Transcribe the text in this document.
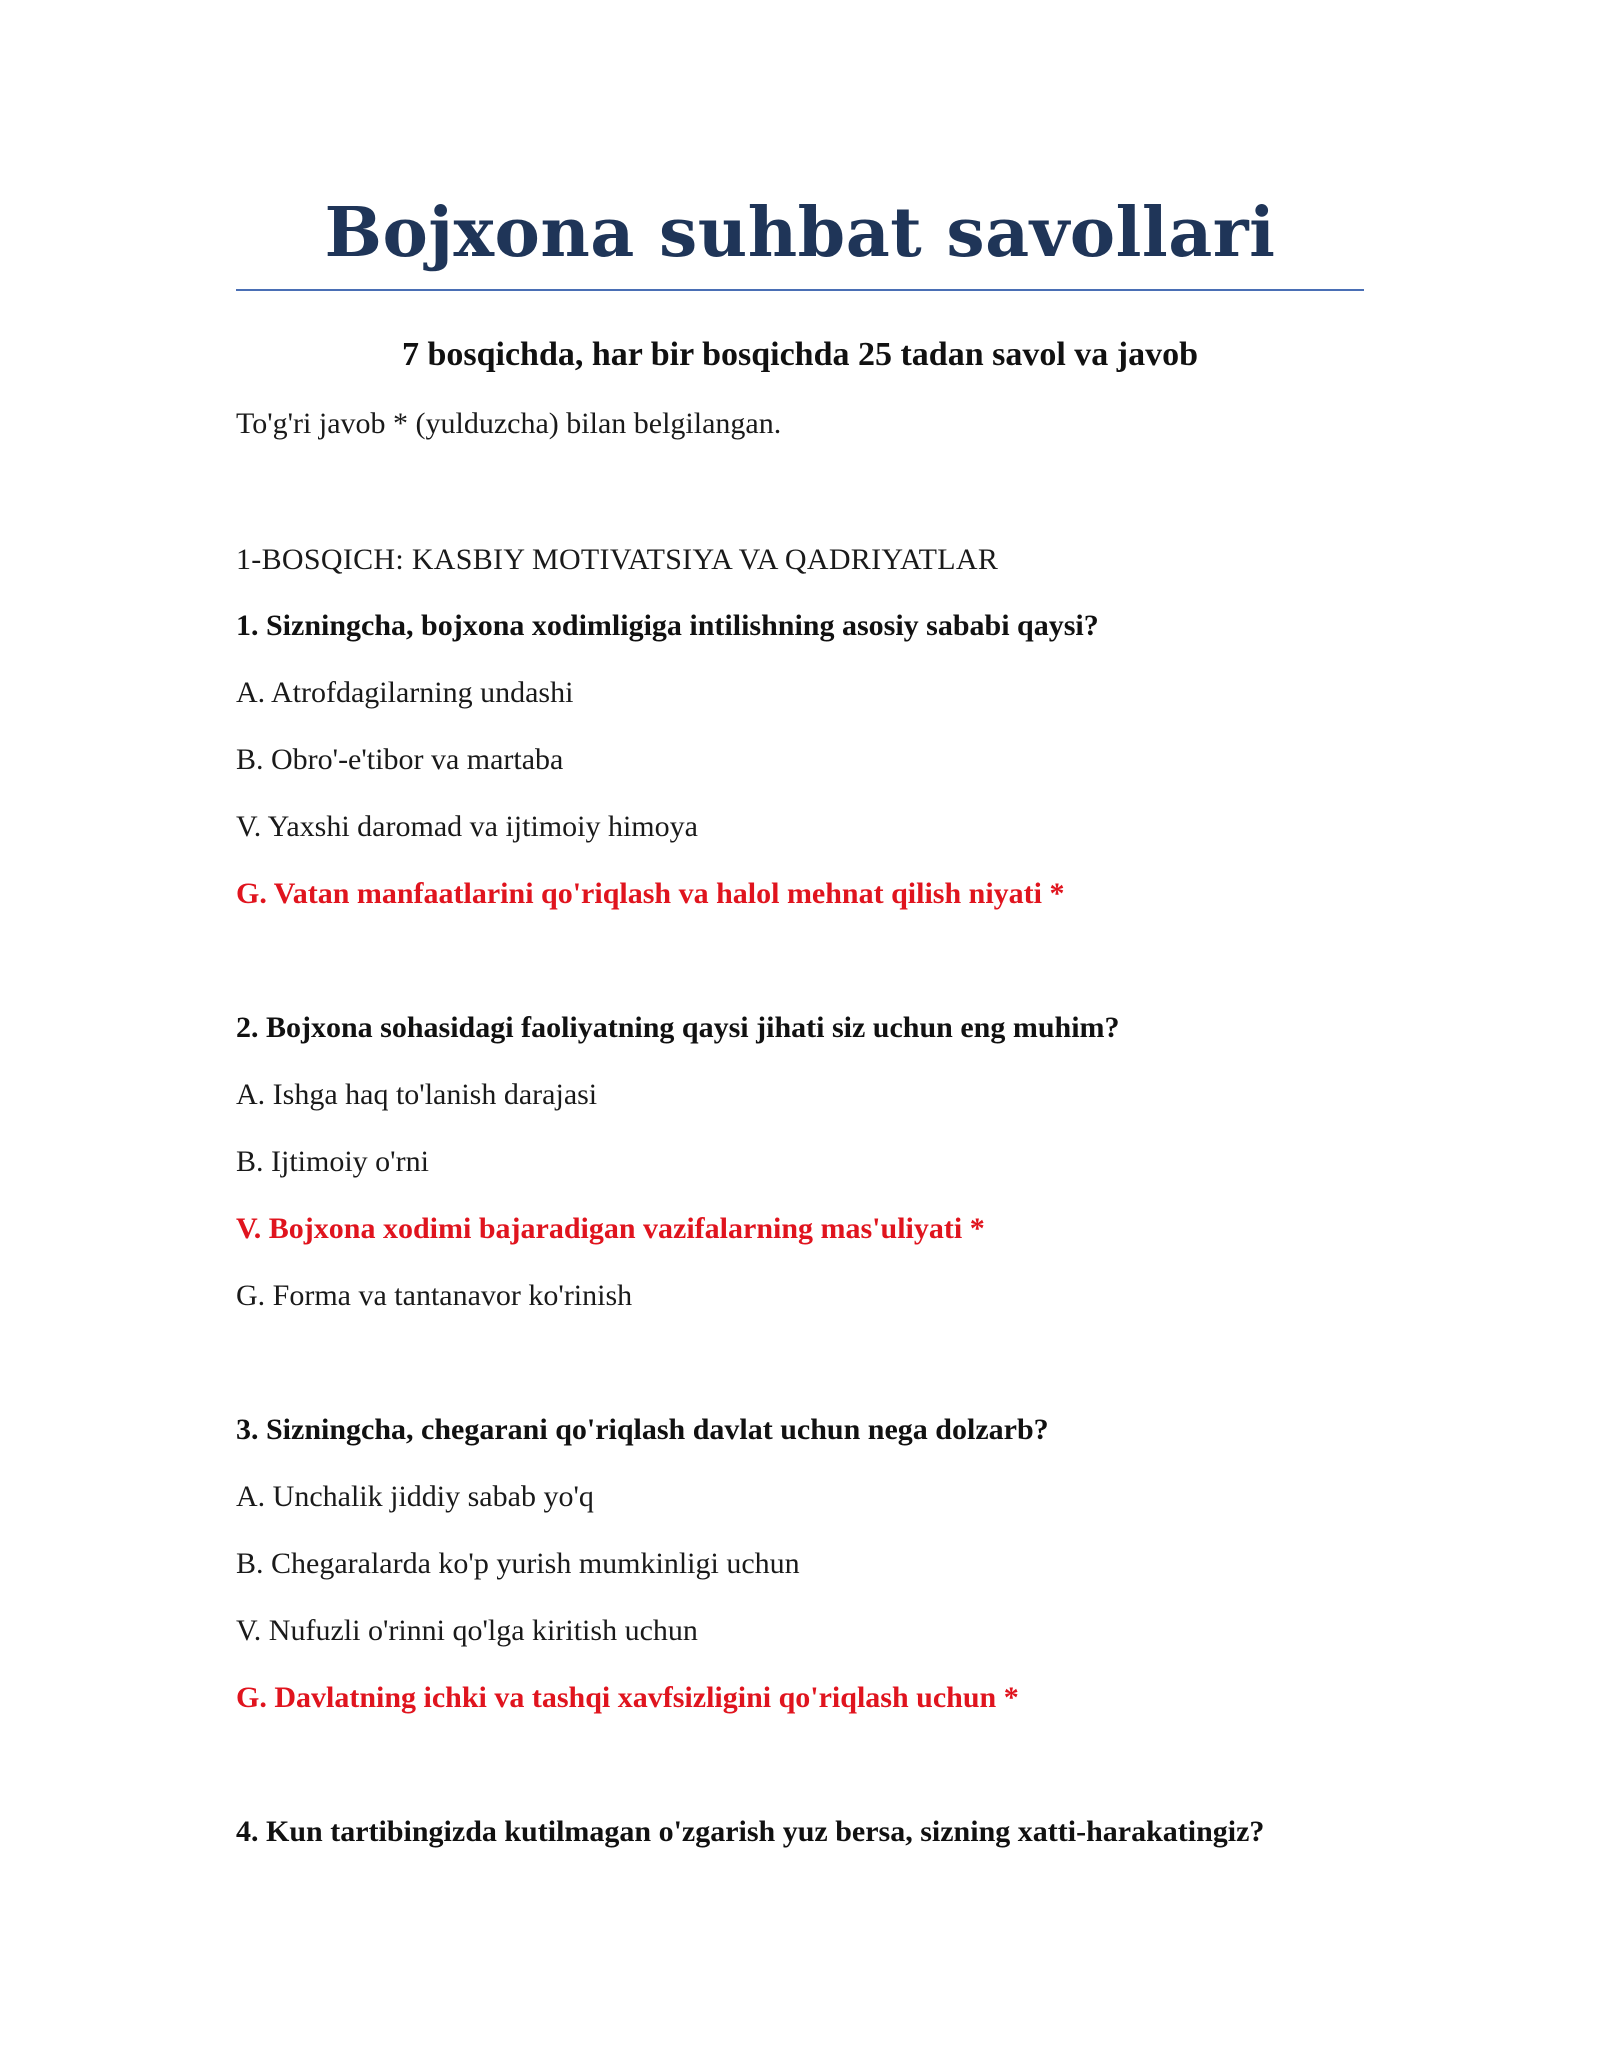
Bojxona suhbat savollari
7 bosqichda, har bir bosqichda 25 tadan savol va javob

To'g'ri javob * (yulduzcha) bilan belgilangan.

1-BOSQICH: KASBIY MOTIVATSIYA VA QADRIYATLAR

1. Sizningcha, bojxona xodimligiga intilishning asosiy sababi qaysi?

A. Atrofdagilarning undashi

B. Obro'-e'tibor va martaba

V. Yaxshi daromad va ijtimoiy himoya

G. Vatan manfaatlarini qo'riqlash va halol mehnat qilish niyati *

2. Bojxona sohasidagi faoliyatning qaysi jihati siz uchun eng muhim?

A. Ishga haq to'lanish darajasi

B. Ijtimoiy o'rni

V. Bojxona xodimi bajaradigan vazifalarning mas'uliyati *

G. Forma va tantanavor ko'rinish

3. Sizningcha, chegarani qo'riqlash davlat uchun nega dolzarb?

A. Unchalik jiddiy sabab yo'q

B. Chegaralarda ko'p yurish mumkinligi uchun

V. Nufuzli o'rinni qo'lga kiritish uchun

G. Davlatning ichki va tashqi xavfsizligini qo'riqlash uchun *

4. Kun tartibingizda kutilmagan o'zgarish yuz bersa, sizning xatti-harakatingiz?
